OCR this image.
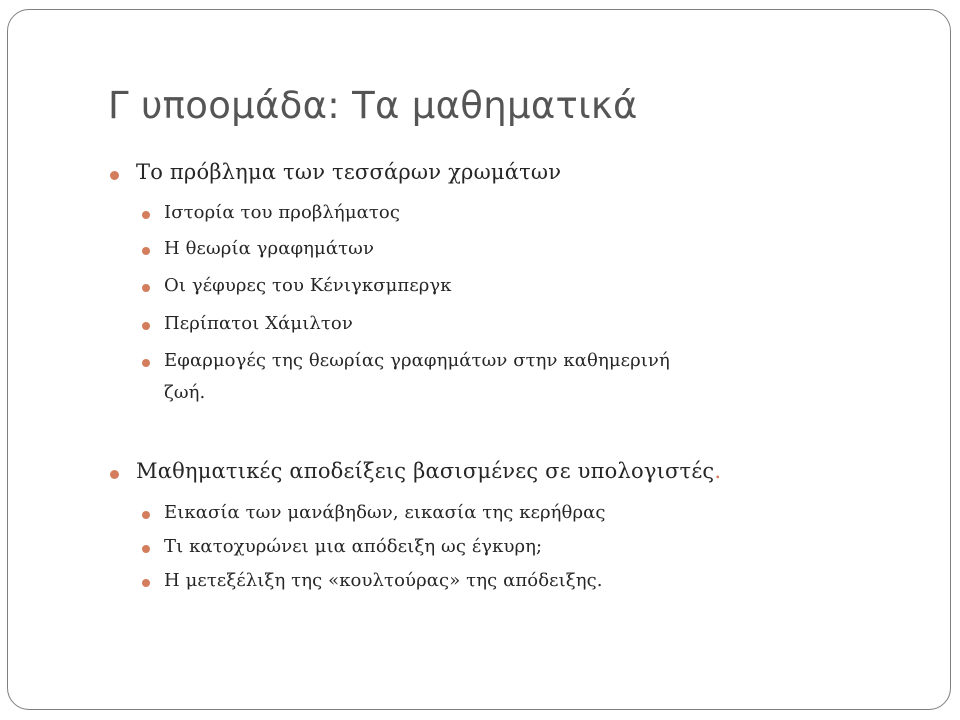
Γ υποομάδα: Τα μαθηματικά

Το πρόβλημα των τεσσάρων χρωμάτων

Ιστορία του προβλήματος

Η θεωρία γραφημάτων

Οι γέφυρες του Κένιγκσμπεργκ

Περίπατοι Χάμιλτον

Εφαρμογές της θεωρίας γραφημάτων στην καθημερινή

ζωή.

Μαθηματικές αποδείξεις βασισμένες σε υπολογιστές.

Εικασία των μανάβηδων, εικασία της κερήθρας

Τι κατοχυρώνει μια απόδειξη ως έγκυρη;

Η μετεξέλιξη της «κουλτούρας» της απόδειξης.
